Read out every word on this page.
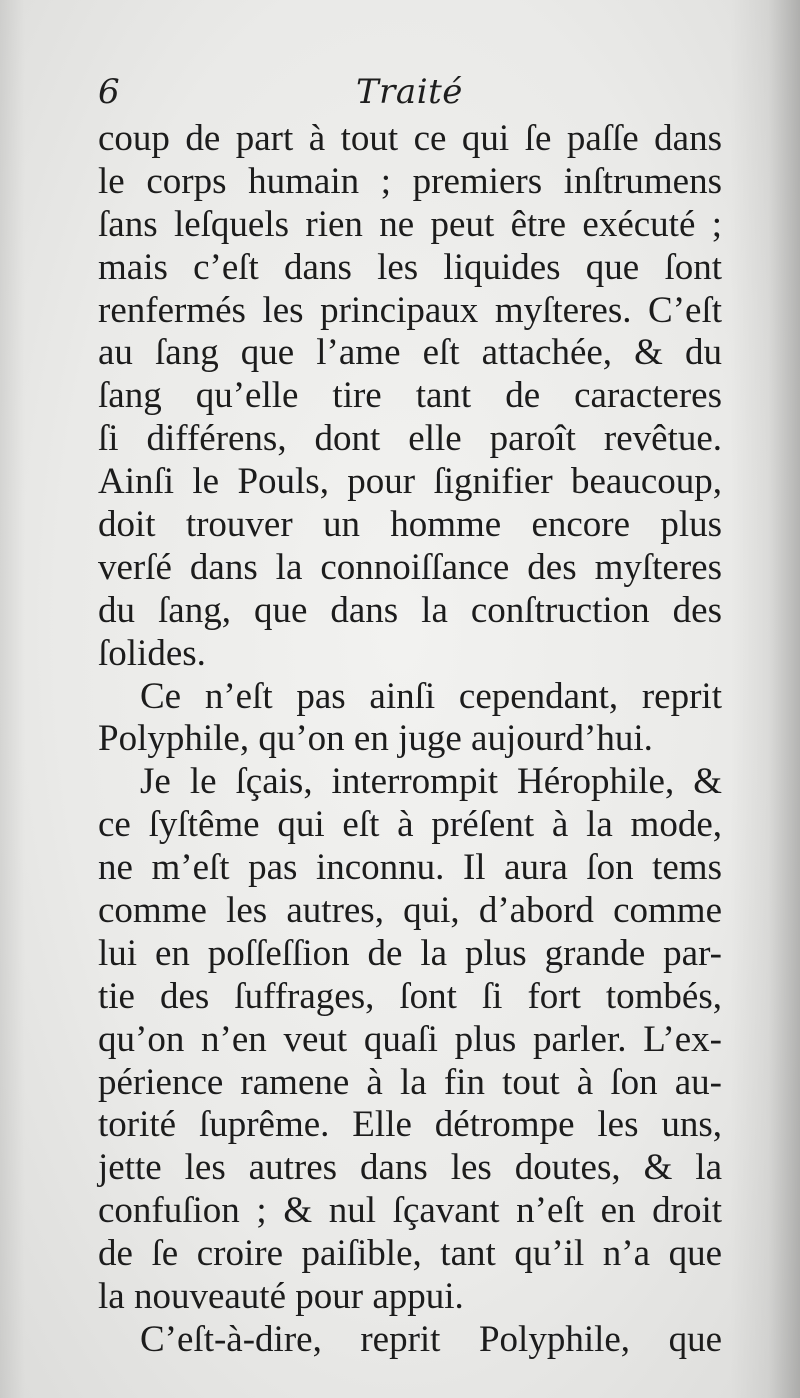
6	Traité
coup de part à tout ce qui ſe paſſe dans
le corps humain ; premiers inſtrumens
ſans leſquels rien ne peut être exécuté ;
mais c’eſt dans les liquides que ſont
renfermés les principaux myſteres. C’eſt
au ſang que l’ame eſt attachée, & du
ſang qu’elle tire tant de caracteres
ſi différens, dont elle paroît revêtue.
Ainſi le Pouls, pour ſignifier beaucoup,
doit trouver un homme encore plus
verſé dans la connoiſſance des myſteres
du ſang, que dans la conſtruction des
ſolides.
Ce n’eſt pas ainſi cependant, reprit
Polyphile, qu’on en juge aujourd’hui.
Je le ſçais, interrompit Hérophile, &
ce ſyſtême qui eſt à préſent à la mode,
ne m’eſt pas inconnu. Il aura ſon tems
comme les autres, qui, d’abord comme
lui en poſſeſſion de la plus grande par-
tie des ſuffrages, ſont ſi fort tombés,
qu’on n’en veut quaſi plus parler. L’ex-
périence ramene à la fin tout à ſon au-
torité ſuprême. Elle détrompe les uns,
jette les autres dans les doutes, & la
confuſion ; & nul ſçavant n’eſt en droit
de ſe croire paiſible, tant qu’il n’a que
la nouveauté pour appui.
C’eſt-à-dire, reprit Polyphile, que
